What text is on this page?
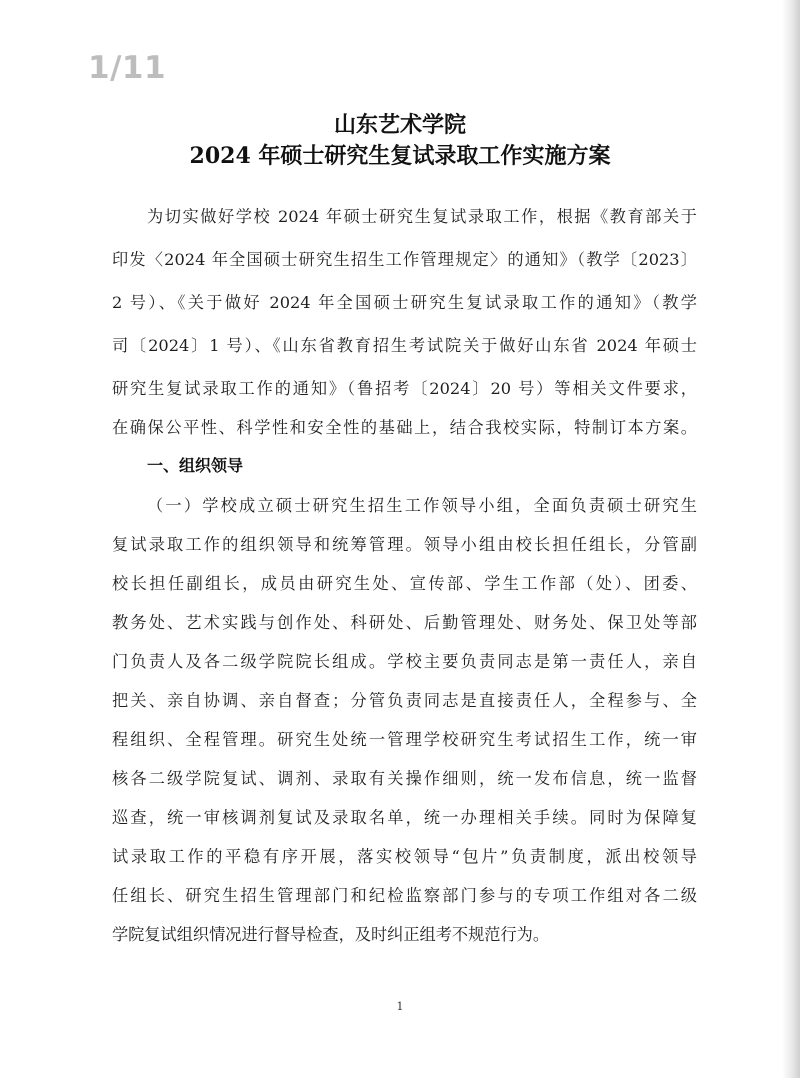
1/11
山东艺术学院
2024 年硕士研究生复试录取工作实施方案
为切实做好学校 2024 年硕士研究生复试录取工作，根据《教育部关于
印发〈2024 年全国硕士研究生招生工作管理规定〉的通知》（教学〔2023〕
2 号）、《关于做好 2024 年全国硕士研究生复试录取工作的通知》（教学
司〔2024〕1 号）、《山东省教育招生考试院关于做好山东省 2024 年硕士
研究生复试录取工作的通知》（鲁招考〔2024〕20 号）等相关文件要求，
在确保公平性、科学性和安全性的基础上，结合我校实际，特制订本方案。
一、组织领导
（一）学校成立硕士研究生招生工作领导小组，全面负责硕士研究生
复试录取工作的组织领导和统筹管理。领导小组由校长担任组长，分管副
校长担任副组长，成员由研究生处、宣传部、学生工作部（处）、团委、
教务处、艺术实践与创作处、科研处、后勤管理处、财务处、保卫处等部
门负责人及各二级学院院长组成。学校主要负责同志是第一责任人，亲自
把关、亲自协调、亲自督查；分管负责同志是直接责任人，全程参与、全
程组织、全程管理。研究生处统一管理学校研究生考试招生工作，统一审
核各二级学院复试、调剂、录取有关操作细则，统一发布信息，统一监督
巡查，统一审核调剂复试及录取名单，统一办理相关手续。同时为保障复
试录取工作的平稳有序开展，落实校领导“包片”负责制度，派出校领导
任组长、研究生招生管理部门和纪检监察部门参与的专项工作组对各二级
学院复试组织情况进行督导检查，及时纠正组考不规范行为。
1
